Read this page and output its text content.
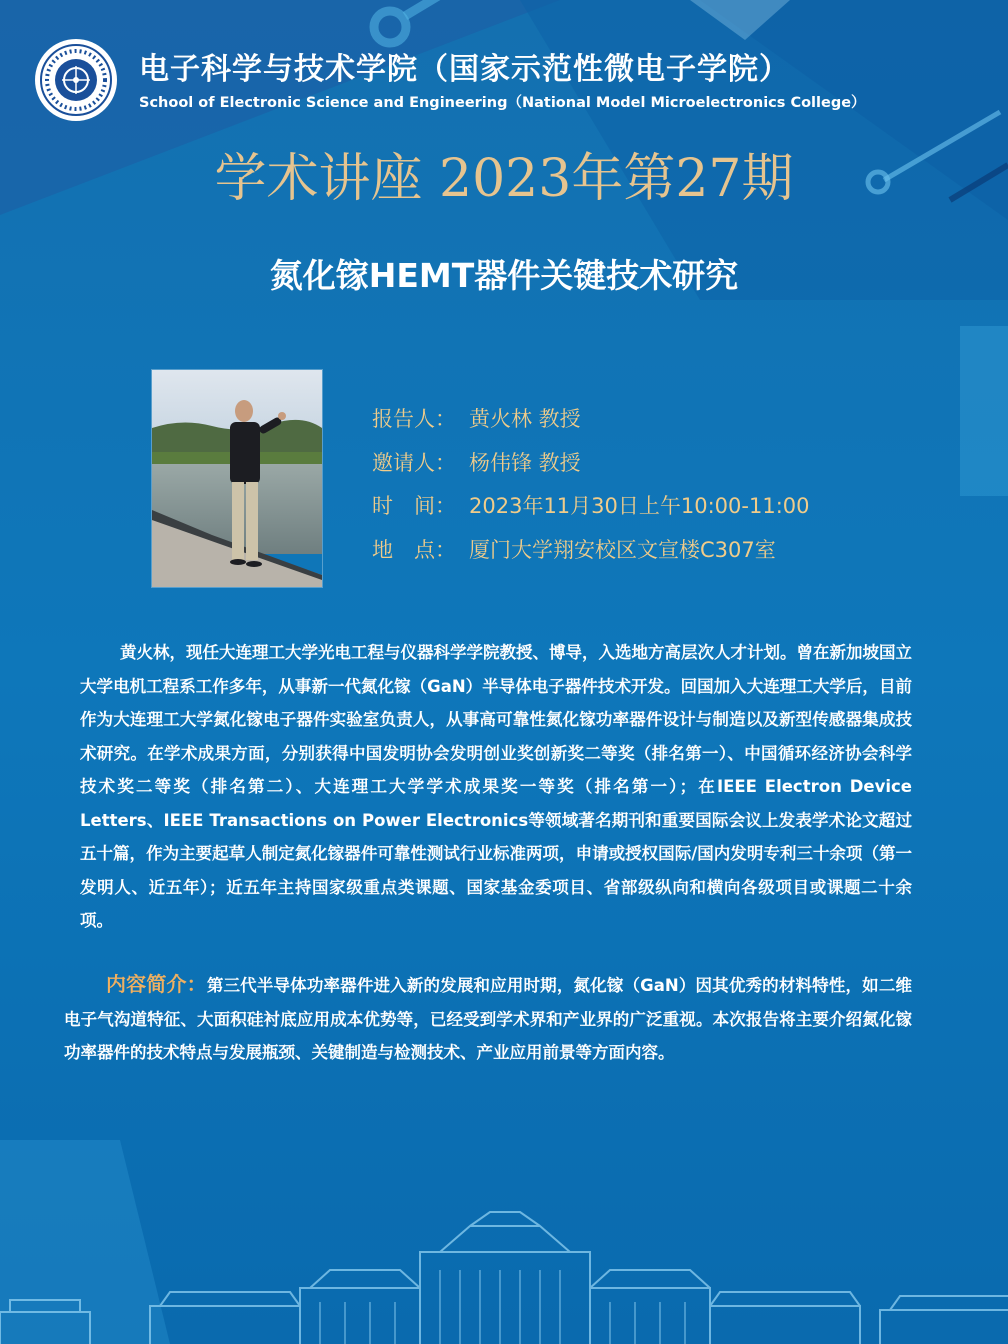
电子科学与技术学院（国家示范性微电子学院）
School of Electronic Science and Engineering（National Model Microelectronics College）
学术讲座 2023年第27期
氮化镓HEMT器件关键技术研究
报告人： 黄火林 教授
邀请人： 杨伟锋 教授
时　间： 2023年11月30日上午10:00-11:00
地　点： 厦门大学翔安校区文宣楼C307室
黄火林，现任大连理工大学光电工程与仪器科学学院教授、博导，入选地方高层次人才计划。曾在新加坡国立大学电机工程系工作多年，从事新一代氮化镓（GaN）半导体电子器件技术开发。回国加入大连理工大学后，目前作为大连理工大学氮化镓电子器件实验室负责人，从事高可靠性氮化镓功率器件设计与制造以及新型传感器集成技术研究。在学术成果方面，分别获得中国发明协会发明创业奖创新奖二等奖（排名第一）、中国循环经济协会科学技术奖二等奖（排名第二）、大连理工大学学术成果奖一等奖（排名第一）；在IEEE Electron Device Letters、IEEE Transactions on Power Electronics等领域著名期刊和重要国际会议上发表学术论文超过五十篇，作为主要起草人制定氮化镓器件可靠性测试行业标准两项，申请或授权国际/国内发明专利三十余项（第一发明人、近五年）；近五年主持国家级重点类课题、国家基金委项目、省部级纵向和横向各级项目或课题二十余项。
内容简介：第三代半导体功率器件进入新的发展和应用时期，氮化镓（GaN）因其优秀的材料特性，如二维电子气沟道特征、大面积硅衬底应用成本优势等，已经受到学术界和产业界的广泛重视。本次报告将主要介绍氮化镓功率器件的技术特点与发展瓶颈、关键制造与检测技术、产业应用前景等方面内容。
